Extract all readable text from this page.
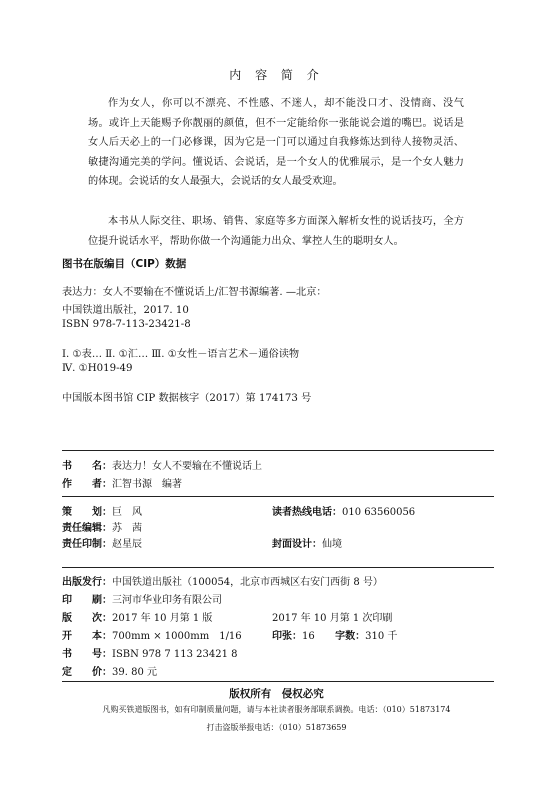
内 容 简 介
作为女人，你可以不漂亮、不性感、不迷人，却不能没口才、没情商、没气场。或许上天能赐予你靓丽的颜值，但不一定能给你一张能说会道的嘴巴。说话是女人后天必上的一门必修课，因为它是一门可以通过自我修炼达到待人接物灵活、敏捷沟通完美的学问。懂说话、会说话，是一个女人的优雅展示，是一个女人魅力的体现。会说话的女人最强大，会说话的女人最受欢迎。
本书从人际交往、职场、销售、家庭等多方面深入解析女性的说话技巧，全方位提升说话水平，帮助你做一个沟通能力出众、掌控人生的聪明女人。
图书在版编目（CIP）数据
表达力：女人不要输在不懂说话上/汇智书源编著. —北京：
中国铁道出版社，2017. 10
ISBN 978-7-113-23421-8
Ⅰ. ①表… Ⅱ. ①汇… Ⅲ. ①女性－语言艺术－通俗读物
Ⅳ. ①H019-49
中国版本图书馆 CIP 数据核字（2017）第 174173 号
书　　名：表达力！女人不要输在不懂说话上
作　　者：汇智书源　编著
策　　划：巨　风	读者热线电话：010 63560056
责任编辑：苏　茜
责任印制：赵星辰	封面设计：仙境
出版发行：中国铁道出版社（100054，北京市西城区右安门西街 8 号）
印　　刷：三河市华业印务有限公司
版　　次：2017 年 10 月第 1 版	2017 年 10 月第 1 次印刷
开　　本：700mm × 1000mm　1/16	印张：16 字数：310 千
书　　号：ISBN 978 7 113 23421 8
定　　价：39. 80 元
版权所有　侵权必究
凡购买铁道版图书，如有印制质量问题，请与本社读者服务部联系调换。电话：（010）51873174
打击盗版举报电话：（010）51873659
